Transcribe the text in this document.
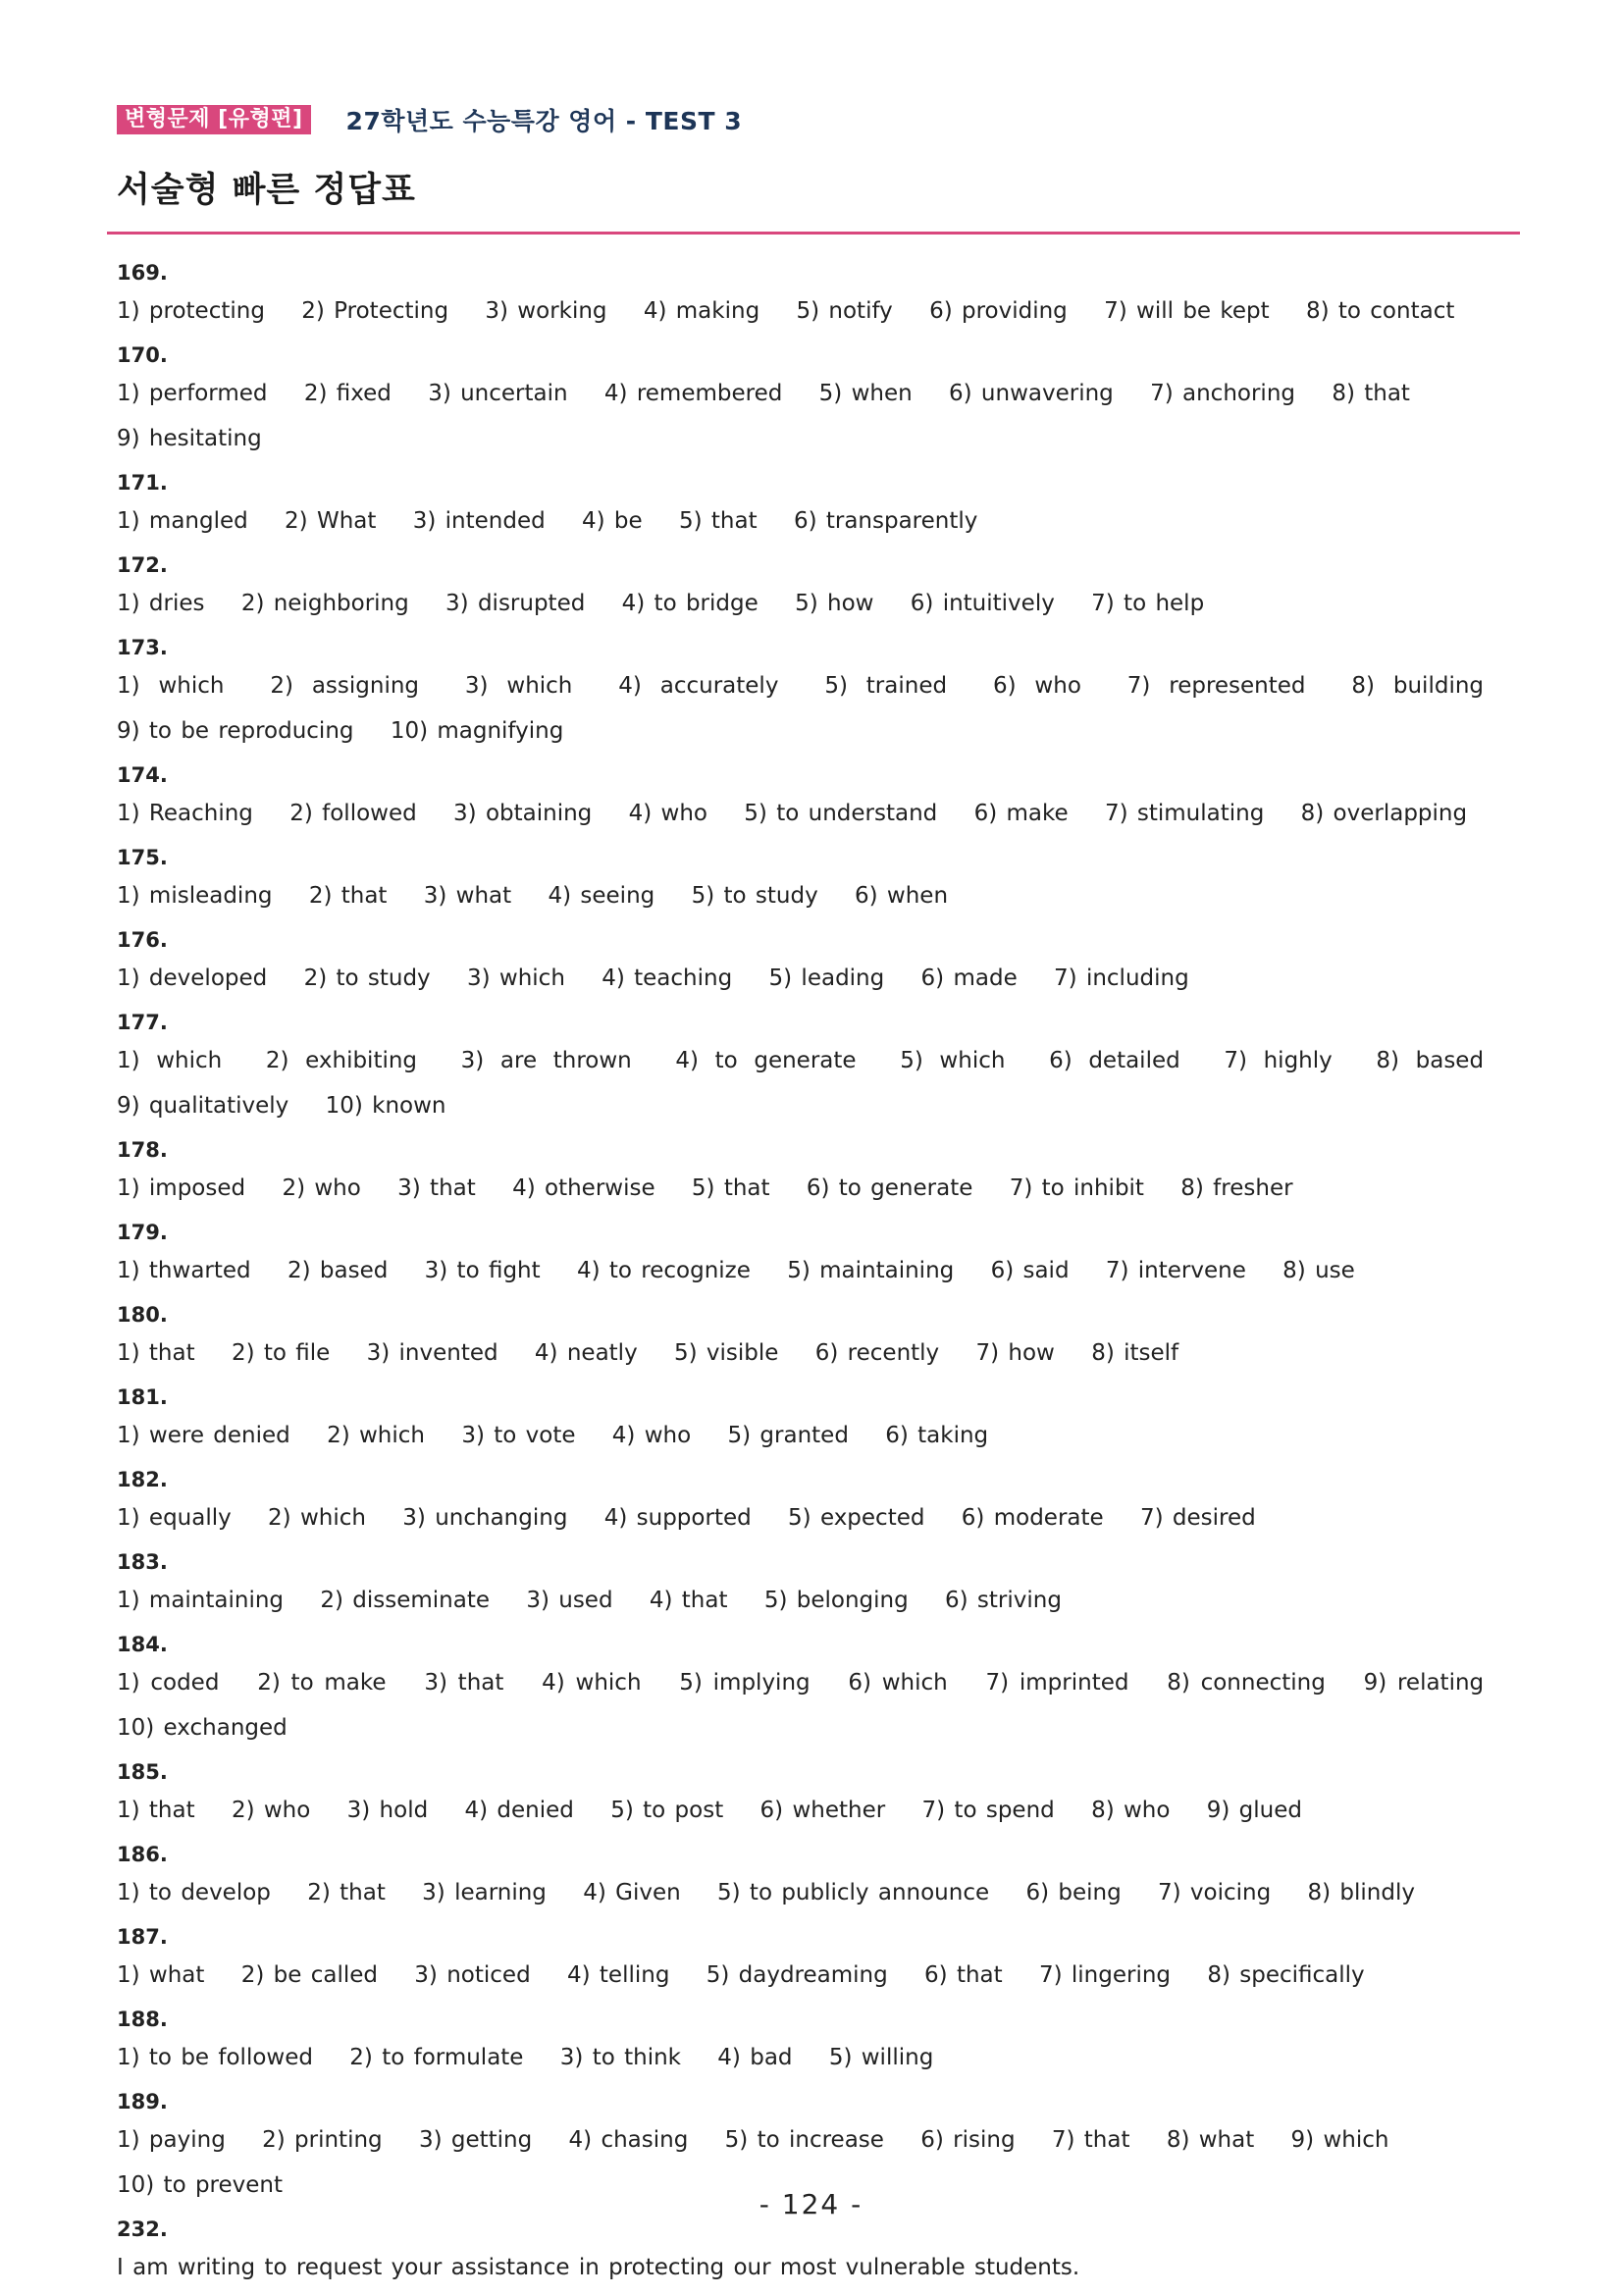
변형문제 [유형편]	27학년도 수능특강 영어 - TEST 3
서술형 빠른 정답표
169.
1) protecting 2) Protecting 3) working 4) making 5) notify 6) providing 7) will be kept 8) to contact
170.
1) performed 2) fixed 3) uncertain 4) remembered 5) when 6) unwavering 7) anchoring 8) that 9) hesitating
171.
1) mangled 2) What 3) intended 4) be 5) that 6) transparently
172.
1) dries 2) neighboring 3) disrupted 4) to bridge 5) how 6) intuitively 7) to help
173.
1) which 2) assigning 3) which 4) accurately 5) trained 6) who 7) represented 8) building 9) to be reproducing 10) magnifying
174.
1) Reaching 2) followed 3) obtaining 4) who 5) to understand 6) make 7) stimulating 8) overlapping
175.
1) misleading 2) that 3) what 4) seeing 5) to study 6) when
176.
1) developed 2) to study 3) which 4) teaching 5) leading 6) made 7) including
177.
1) which 2) exhibiting 3) are thrown 4) to generate 5) which 6) detailed 7) highly 8) based 9) qualitatively 10) known
178.
1) imposed 2) who 3) that 4) otherwise 5) that 6) to generate 7) to inhibit 8) fresher
179.
1) thwarted 2) based 3) to fight 4) to recognize 5) maintaining 6) said 7) intervene 8) use
180.
1) that 2) to file 3) invented 4) neatly 5) visible 6) recently 7) how 8) itself
181.
1) were denied 2) which 3) to vote 4) who 5) granted 6) taking
182.
1) equally 2) which 3) unchanging 4) supported 5) expected 6) moderate 7) desired
183.
1) maintaining 2) disseminate 3) used 4) that 5) belonging 6) striving
184.
1) coded 2) to make 3) that 4) which 5) implying 6) which 7) imprinted 8) connecting 9) relating 10) exchanged
185.
1) that 2) who 3) hold 4) denied 5) to post 6) whether 7) to spend 8) who 9) glued
186.
1) to develop 2) that 3) learning 4) Given 5) to publicly announce 6) being 7) voicing 8) blindly
187.
1) what 2) be called 3) noticed 4) telling 5) daydreaming 6) that 7) lingering 8) specifically
188.
1) to be followed 2) to formulate 3) to think 4) bad 5) willing
189.
1) paying 2) printing 3) getting 4) chasing 5) to increase 6) rising 7) that 8) what 9) which 10) to prevent
232.
I am writing to request your assistance in protecting our most vulnerable students.
- 124 -
